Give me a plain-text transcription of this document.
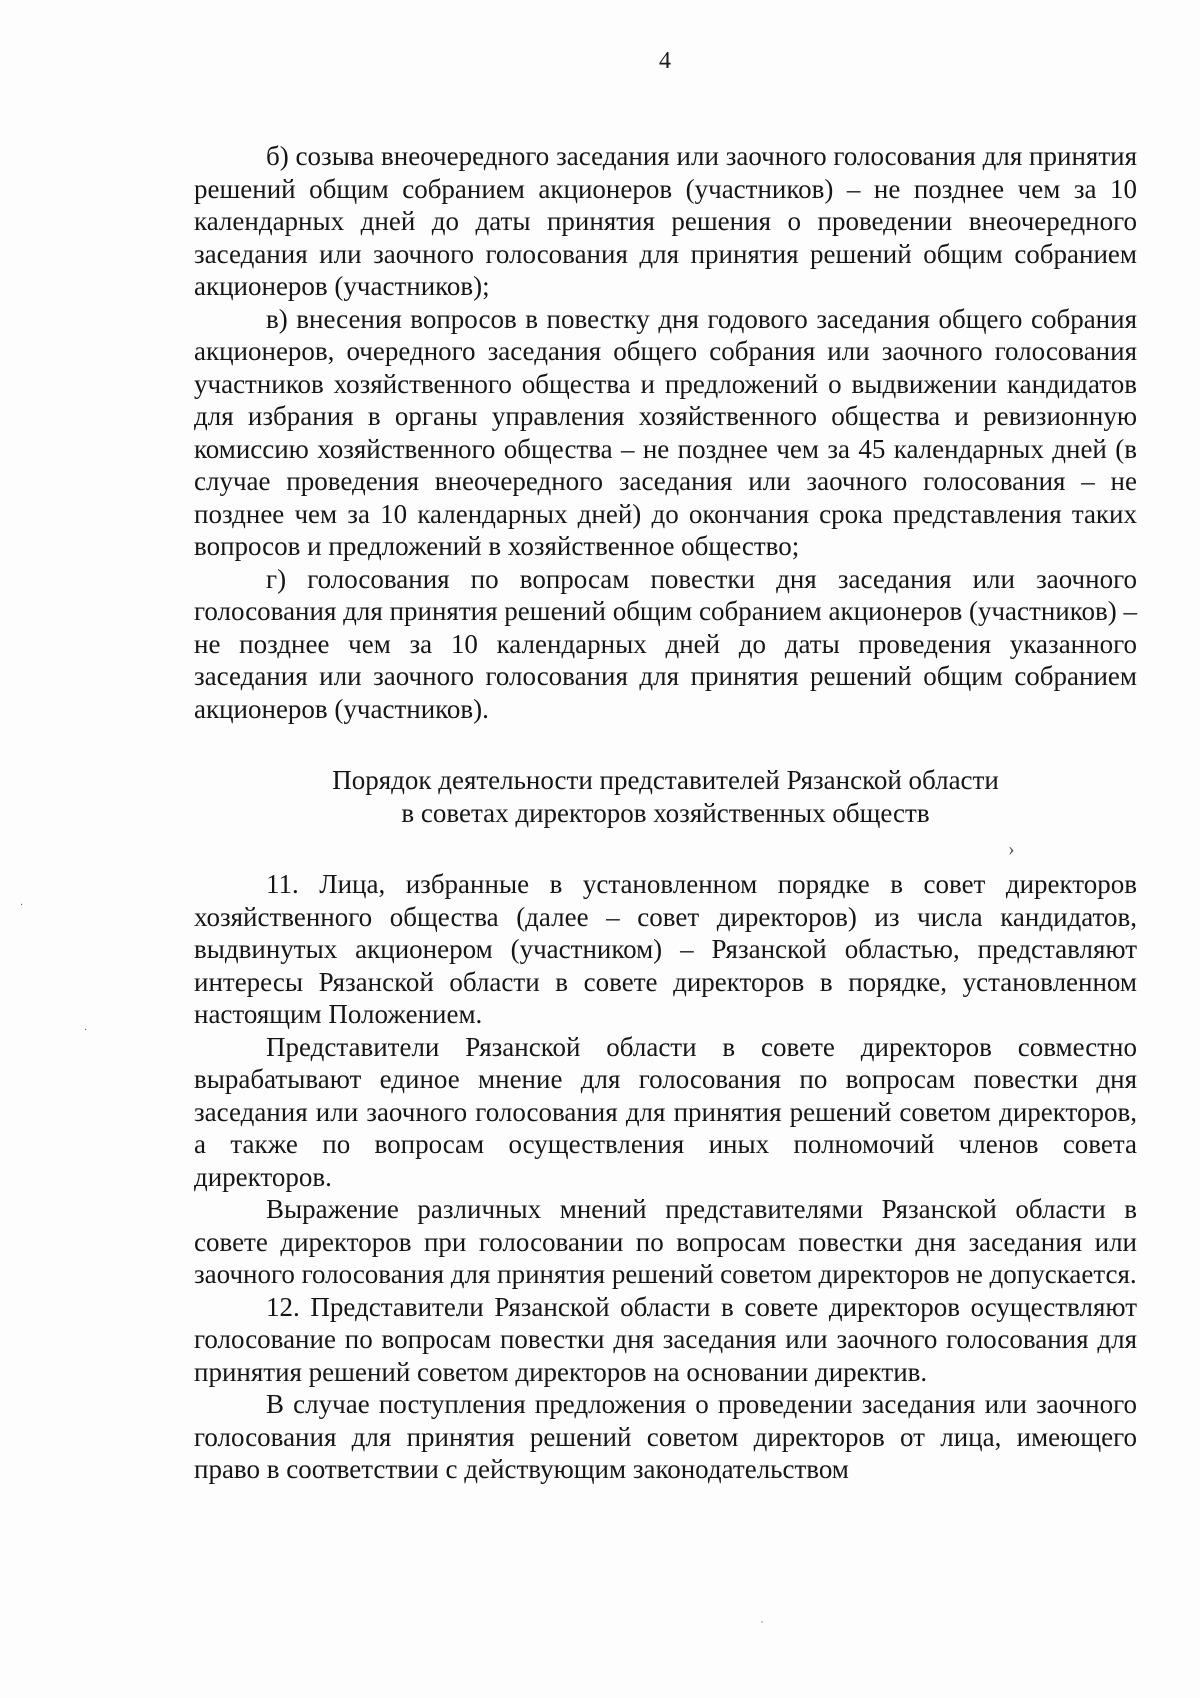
4

б) созыва внеочередного заседания или заочного голосования для принятия решений общим собранием акционеров (участников) – не позднее чем за 10 календарных дней до даты принятия решения о проведении внеочередного заседания или заочного голосования для принятия решений общим собранием акционеров (участников);

в) внесения вопросов в повестку дня годового заседания общего собрания акционеров, очередного заседания общего собрания или заочного голосования участников хозяйственного общества и предложений о выдвижении кандидатов для избрания в органы управления хозяйственного общества и ревизионную комиссию хозяйственного общества – не позднее чем за 45 календарных дней (в случае проведения внеочередного заседания или заочного голосования – не позднее чем за 10 календарных дней) до окончания срока представления таких вопросов и предложений в хозяйственное общество;

г) голосования по вопросам повестки дня заседания или заочного голосования для принятия решений общим собранием акционеров (участников) – не позднее чем за 10 календарных дней до даты проведения указанного заседания или заочного голосования для принятия решений общим собранием акционеров (участников).

Порядок деятельности представителей Рязанской области
в советах директоров хозяйственных обществ

11. Лица, избранные в установленном порядке в совет директоров хозяйственного общества (далее – совет директоров) из числа кандидатов, выдвинутых акционером (участником) – Рязанской областью, представляют интересы Рязанской области в совете директоров в порядке, установленном настоящим Положением.

Представители Рязанской области в совете директоров совместно вырабатывают единое мнение для голосования по вопросам повестки дня заседания или заочного голосования для принятия решений советом директоров, а также по вопросам осуществления иных полномочий членов совета директоров.

Выражение различных мнений представителями Рязанской области в совете директоров при голосовании по вопросам повестки дня заседания или заочного голосования для принятия решений советом директоров не допускается.

12. Представители Рязанской области в совете директоров осуществляют голосование по вопросам повестки дня заседания или заочного голосования для принятия решений советом директоров на основании директив.

В случае поступления предложения о проведении заседания или заочного голосования для принятия решений советом директоров от лица, имеющего право в соответствии с действующим законодательством

›
·
·
˙
